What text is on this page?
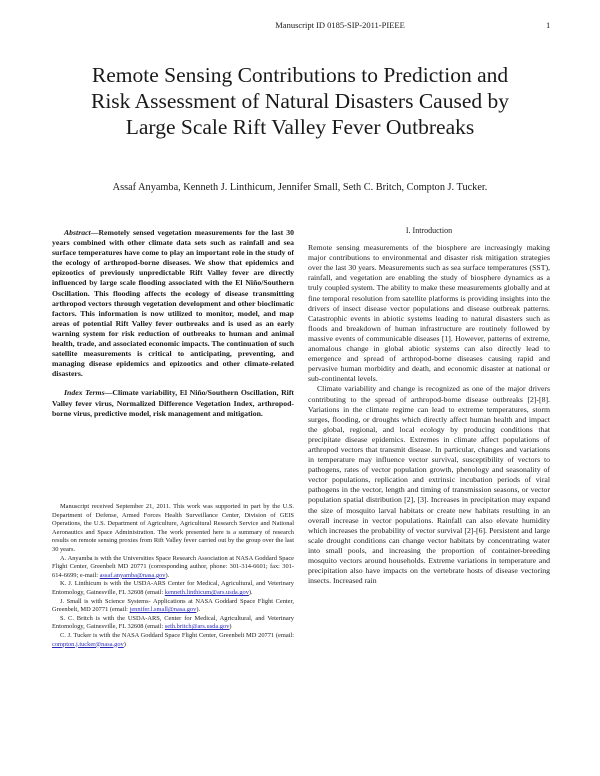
Manuscript ID 0185-SIP-2011-PIEEE	1
Remote Sensing Contributions to Prediction and
Risk Assessment of Natural Disasters Caused by
Large Scale Rift Valley Fever Outbreaks
Assaf Anyamba, Kenneth J. Linthicum, Jennifer Small, Seth C. Britch, Compton J. Tucker.

Abstract—Remotely sensed vegetation measurements for the last 30 years combined with other climate data sets such as rainfall and sea surface temperatures have come to play an important role in the study of the ecology of arthropod-borne diseases. We show that epidemics and epizootics of previously unpredictable Rift Valley fever are directly influenced by large scale flooding associated with the El Niño/Southern Oscillation. This flooding affects the ecology of disease transmitting arthropod vectors through vegetation development and other bioclimatic factors. This information is now utilized to monitor, model, and map areas of potential Rift Valley fever outbreaks and is used as an early warning system for risk reduction of outbreaks to human and animal health, trade, and associated economic impacts. The continuation of such satellite measurements is critical to anticipating, preventing, and managing disease epidemics and epizootics and other climate-related disasters.

Index Terms—Climate variability, El Niño/Southern Oscillation, Rift Valley fever virus, Normalized Difference Vegetation Index, arthropod-borne virus, predictive model, risk management and mitigation.

Manuscript received September 21, 2011. This work was supported in part by the U.S. Department of Defense, Armed Forces Health Surveillance Center, Division of GEIS Operations, the U.S. Department of Agriculture, Agricultural Research Service and National Aeronautics and Space Administration. The work presented here is a summary of research results on remote sensing proxies from Rift Valley fever carried out by the group over the last 30 years.

A. Anyamba is with the Universities Space Research Association at NASA Goddard Space Flight Center, Greenbelt MD 20771 (corresponding author, phone: 301-314-6601; fax: 301-614-6699; e-mail: assaf.anyamba@nasa.gov).

K. J. Linthicum is with the USDA-ARS Center for Medical, Agricultural, and Veterinary Entomology, Gainesville, FL 32608 (email: kenneth.linthicum@ars.usda.gov).

J. Small is with Science Systems- Applications at NASA Goddard Space Flight Center, Greenbelt, MD 20771 (email: jennifer.l.small@nasa.gov).

S. C. Britch is with the USDA-ARS, Center for Medical, Agricultural, and Veterinary Entomology, Gainesville, FL 32608 (email: seth.britch@ars.usda.gov)

C. J. Tucker is with the NASA Goddard Space Flight Center, Greenbelt MD 20771 (email: compton.j.tucker@nasa.gov)

I. Introduction

Remote sensing measurements of the biosphere are increasingly making major contributions to environmental and disaster risk mitigation strategies over the last 30 years. Measurements such as sea surface temperatures (SST), rainfall, and vegetation are enabling the study of biosphere dynamics as a truly coupled system. The ability to make these measurements globally and at fine temporal resolution from satellite platforms is providing insights into the drivers of insect disease vector populations and disease outbreak patterns. Catastrophic events in abiotic systems leading to natural disasters such as floods and breakdown of human infrastructure are routinely followed by massive events of communicable diseases [1]. However, patterns of extreme, anomalous change in global abiotic systems can also directly lead to emergence and spread of arthropod-borne diseases causing rapid and pervasive human morbidity and death, and economic disaster at national or sub-continental levels.

Climate variability and change is recognized as one of the major drivers contributing to the spread of arthropod-borne disease outbreaks [2]-[8]. Variations in the climate regime can lead to extreme temperatures, storm surges, flooding, or droughts which directly affect human health and impact the global, regional, and local ecology by producing conditions that precipitate disease epidemics. Extremes in climate affect populations of arthropod vectors that transmit disease. In particular, changes and variations in temperature may influence vector survival, susceptibility of vectors to pathogens, rates of vector population growth, phenology and seasonality of vector populations, replication and extrinsic incubation periods of viral pathogens in the vector, length and timing of transmission seasons, or vector population spatial distribution [2], [3]. Increases in precipitation may expand the size of mosquito larval habitats or create new habitats resulting in an overall increase in vector populations. Rainfall can also elevate humidity which increases the probability of vector survival [2]-[6]. Persistent and large scale drought conditions can change vector habitats by concentrating water into small pools, and increasing the proportion of container-breeding mosquito vectors around households. Extreme variations in temperature and precipitation also have impacts on the vertebrate hosts of disease vectoring insects. Increased rain
